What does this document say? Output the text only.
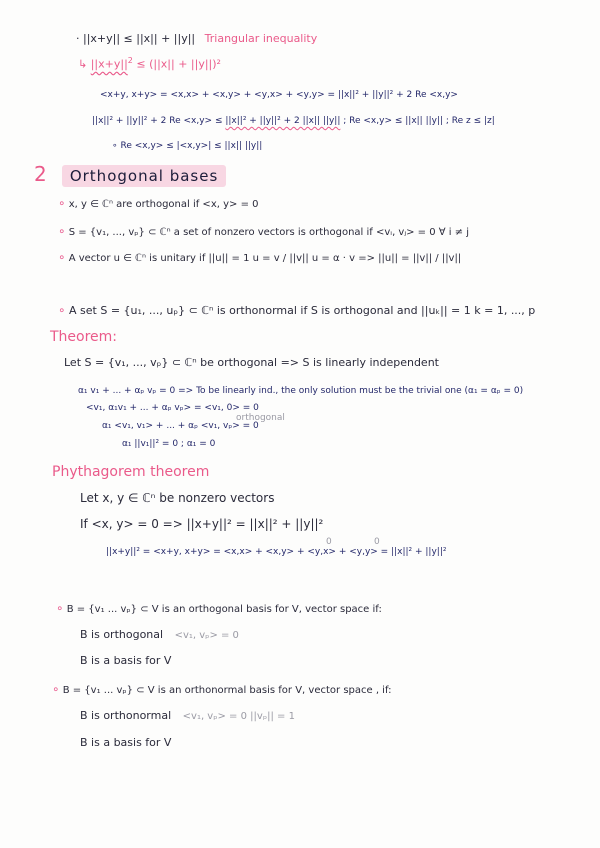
· ||x+y|| ≤ ||x|| + ||y|| Triangular inequality
↳ $||x+y||^2 \le (||x|| + ||y||)^2$
<x+y, x+y> = <x,x> + <x,y> + <y,x> + <y,y> = ||x||² + ||y||² + 2 Re <x,y>
||x||² + ||y||² + 2 Re <x,y> ≤ ||x||² + ||y||² + 2 ||x|| ||y|| ; Re <x,y> ≤ ||x|| ||y|| ; Re z ≤ |z|
∘ Re <x,y> ≤ |<x,y>| ≤ ||x|| ||y||
2 Orthogonal bases
∘ x, y ∈ ℂⁿ are orthogonal if <x, y> = 0
∘ S = {v₁, ..., vₚ} ⊂ ℂⁿ a set of nonzero vectors is orthogonal if <vᵢ, vⱼ> = 0 ∀ i ≠ j
∘ A vector u ∈ ℂⁿ is unitary if ||u|| = 1 u = v / ||v|| u = α · v => ||u|| = ||v|| / ||v||
∘ A set S = {u₁, ..., uₚ} ⊂ ℂⁿ is orthonormal if S is orthogonal and ||uₖ|| = 1 k = 1, ..., p
Theorem:
Let S = {v₁, ..., vₚ} ⊂ ℂⁿ be orthogonal => S is linearly independent
α₁ v₁ + ... + αₚ vₚ = 0 => To be linearly ind., the only solution must be the trivial one (α₁ = αₚ = 0)
<v₁, α₁v₁ + ... + αₚ vₚ> = <v₁, 0> = 0
orthogonal
α₁ <v₁, v₁> + ... + αₚ <v₁, vₚ> = 0
α₁ ||v₁||² = 0 ; α₁ = 0
Phythagorem theorem
Let x, y ∈ ℂⁿ be nonzero vectors
If <x, y> = 0 => ||x+y||² = ||x||² + ||y||²
0	0
||x+y||² = <x+y, x+y> = <x,x> + <x,y> + <y,x> + <y,y> = ||x||² + ||y||²
∘ B = {v₁ ... vₚ} ⊂ V is an orthogonal basis for V, vector space if:
B is orthogonal <v₁, vₚ> = 0
B is a basis for V
∘ B = {v₁ ... vₚ} ⊂ V is an orthonormal basis for V, vector space , if:
B is orthonormal <v₁, vₚ> = 0 ||vₚ|| = 1
B is a basis for V
